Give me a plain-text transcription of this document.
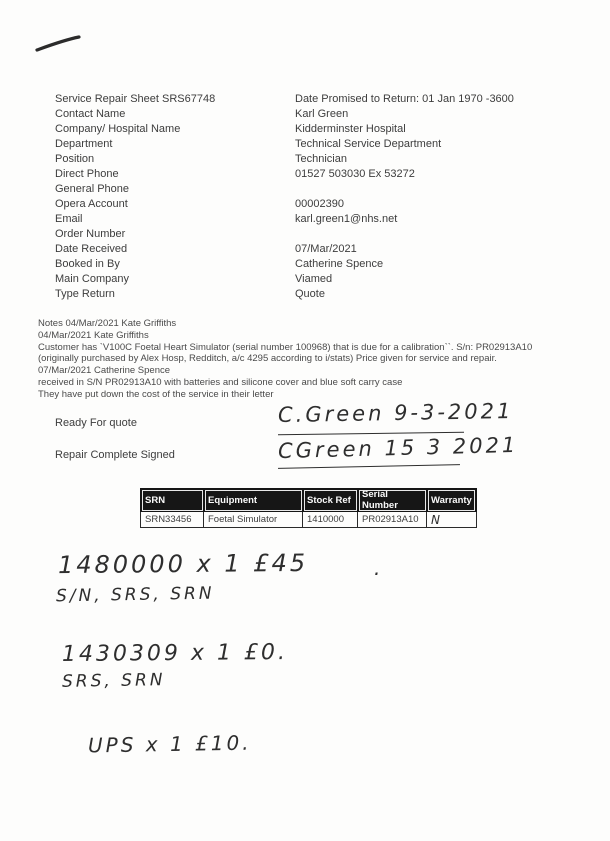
Service Repair Sheet SRS67748	Date Promised to Return: 01 Jan 1970 -3600
Contact Name	Karl Green
Company/ Hospital Name	Kidderminster Hospital
Department	Technical Service Department
Position	Technician
Direct Phone	01527 503030 Ex 53272
General Phone
Opera Account	00002390
Email	karl.green1@nhs.net
Order Number
Date Received	07/Mar/2021
Booked in By	Catherine Spence
Main Company	Viamed
Type Return	Quote
Notes 04/Mar/2021 Kate Griffiths
04/Mar/2021 Kate Griffiths
Customer has `V100C Foetal Heart Simulator (serial number 100968) that is due for a calibration``. S/n: PR02913A10
(originally purchased by Alex Hosp, Redditch, a/c 4295 according to i/stats) Price given for service and repair.
07/Mar/2021 Catherine Spence
received in S/N PR02913A10 with batteries and silicone cover and blue soft carry case
They have put down the cost of the service in their letter
Ready For quote	C.Green 9-3-2021
Repair Complete Signed	CGreen 15 3 2021
SRN	Equipment	Stock Ref	Serial Number	Warranty
SRN33456	Foetal Simulator	1410000	PR02913A10	N
1480000 x 1 £45	.
S/N, SRS, SRN
1430309 x 1 £0.
SRS, SRN
UPS x 1 £10.
